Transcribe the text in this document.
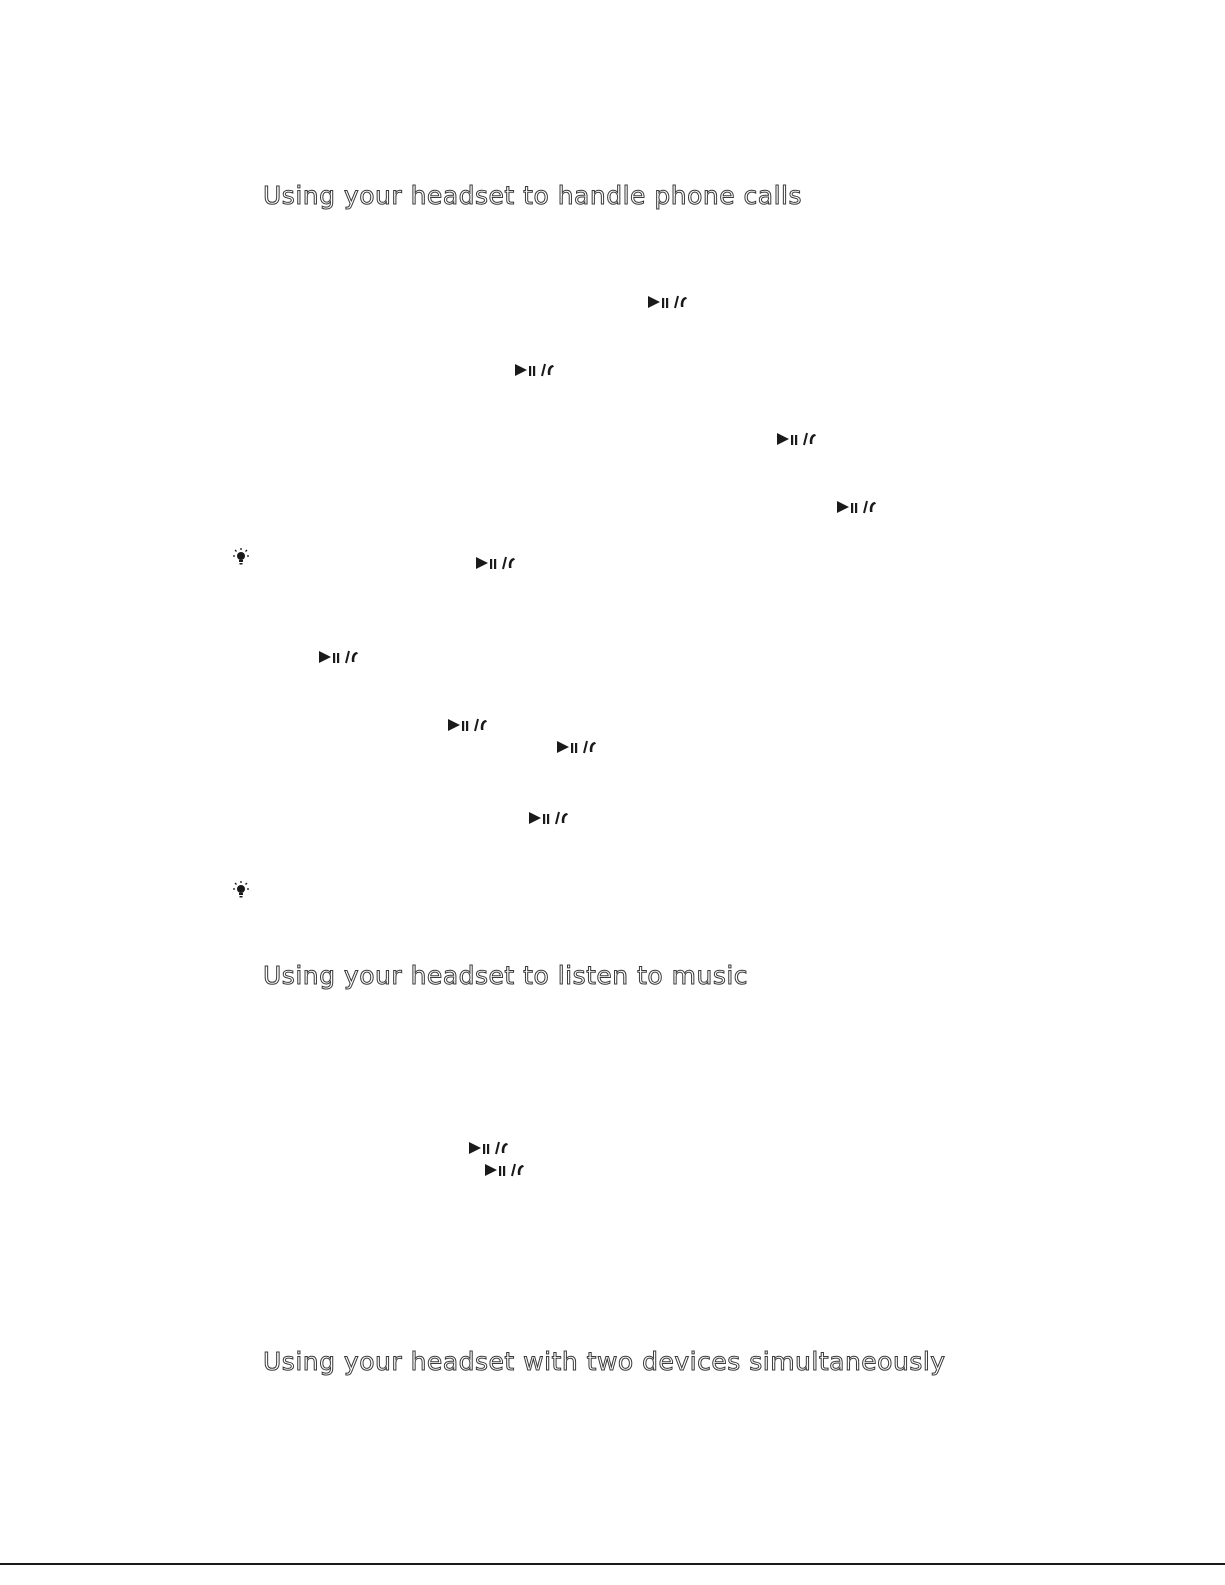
Using your headset to handle phone calls
Using your headset to listen to music
Using your headset with two devices simultaneously
